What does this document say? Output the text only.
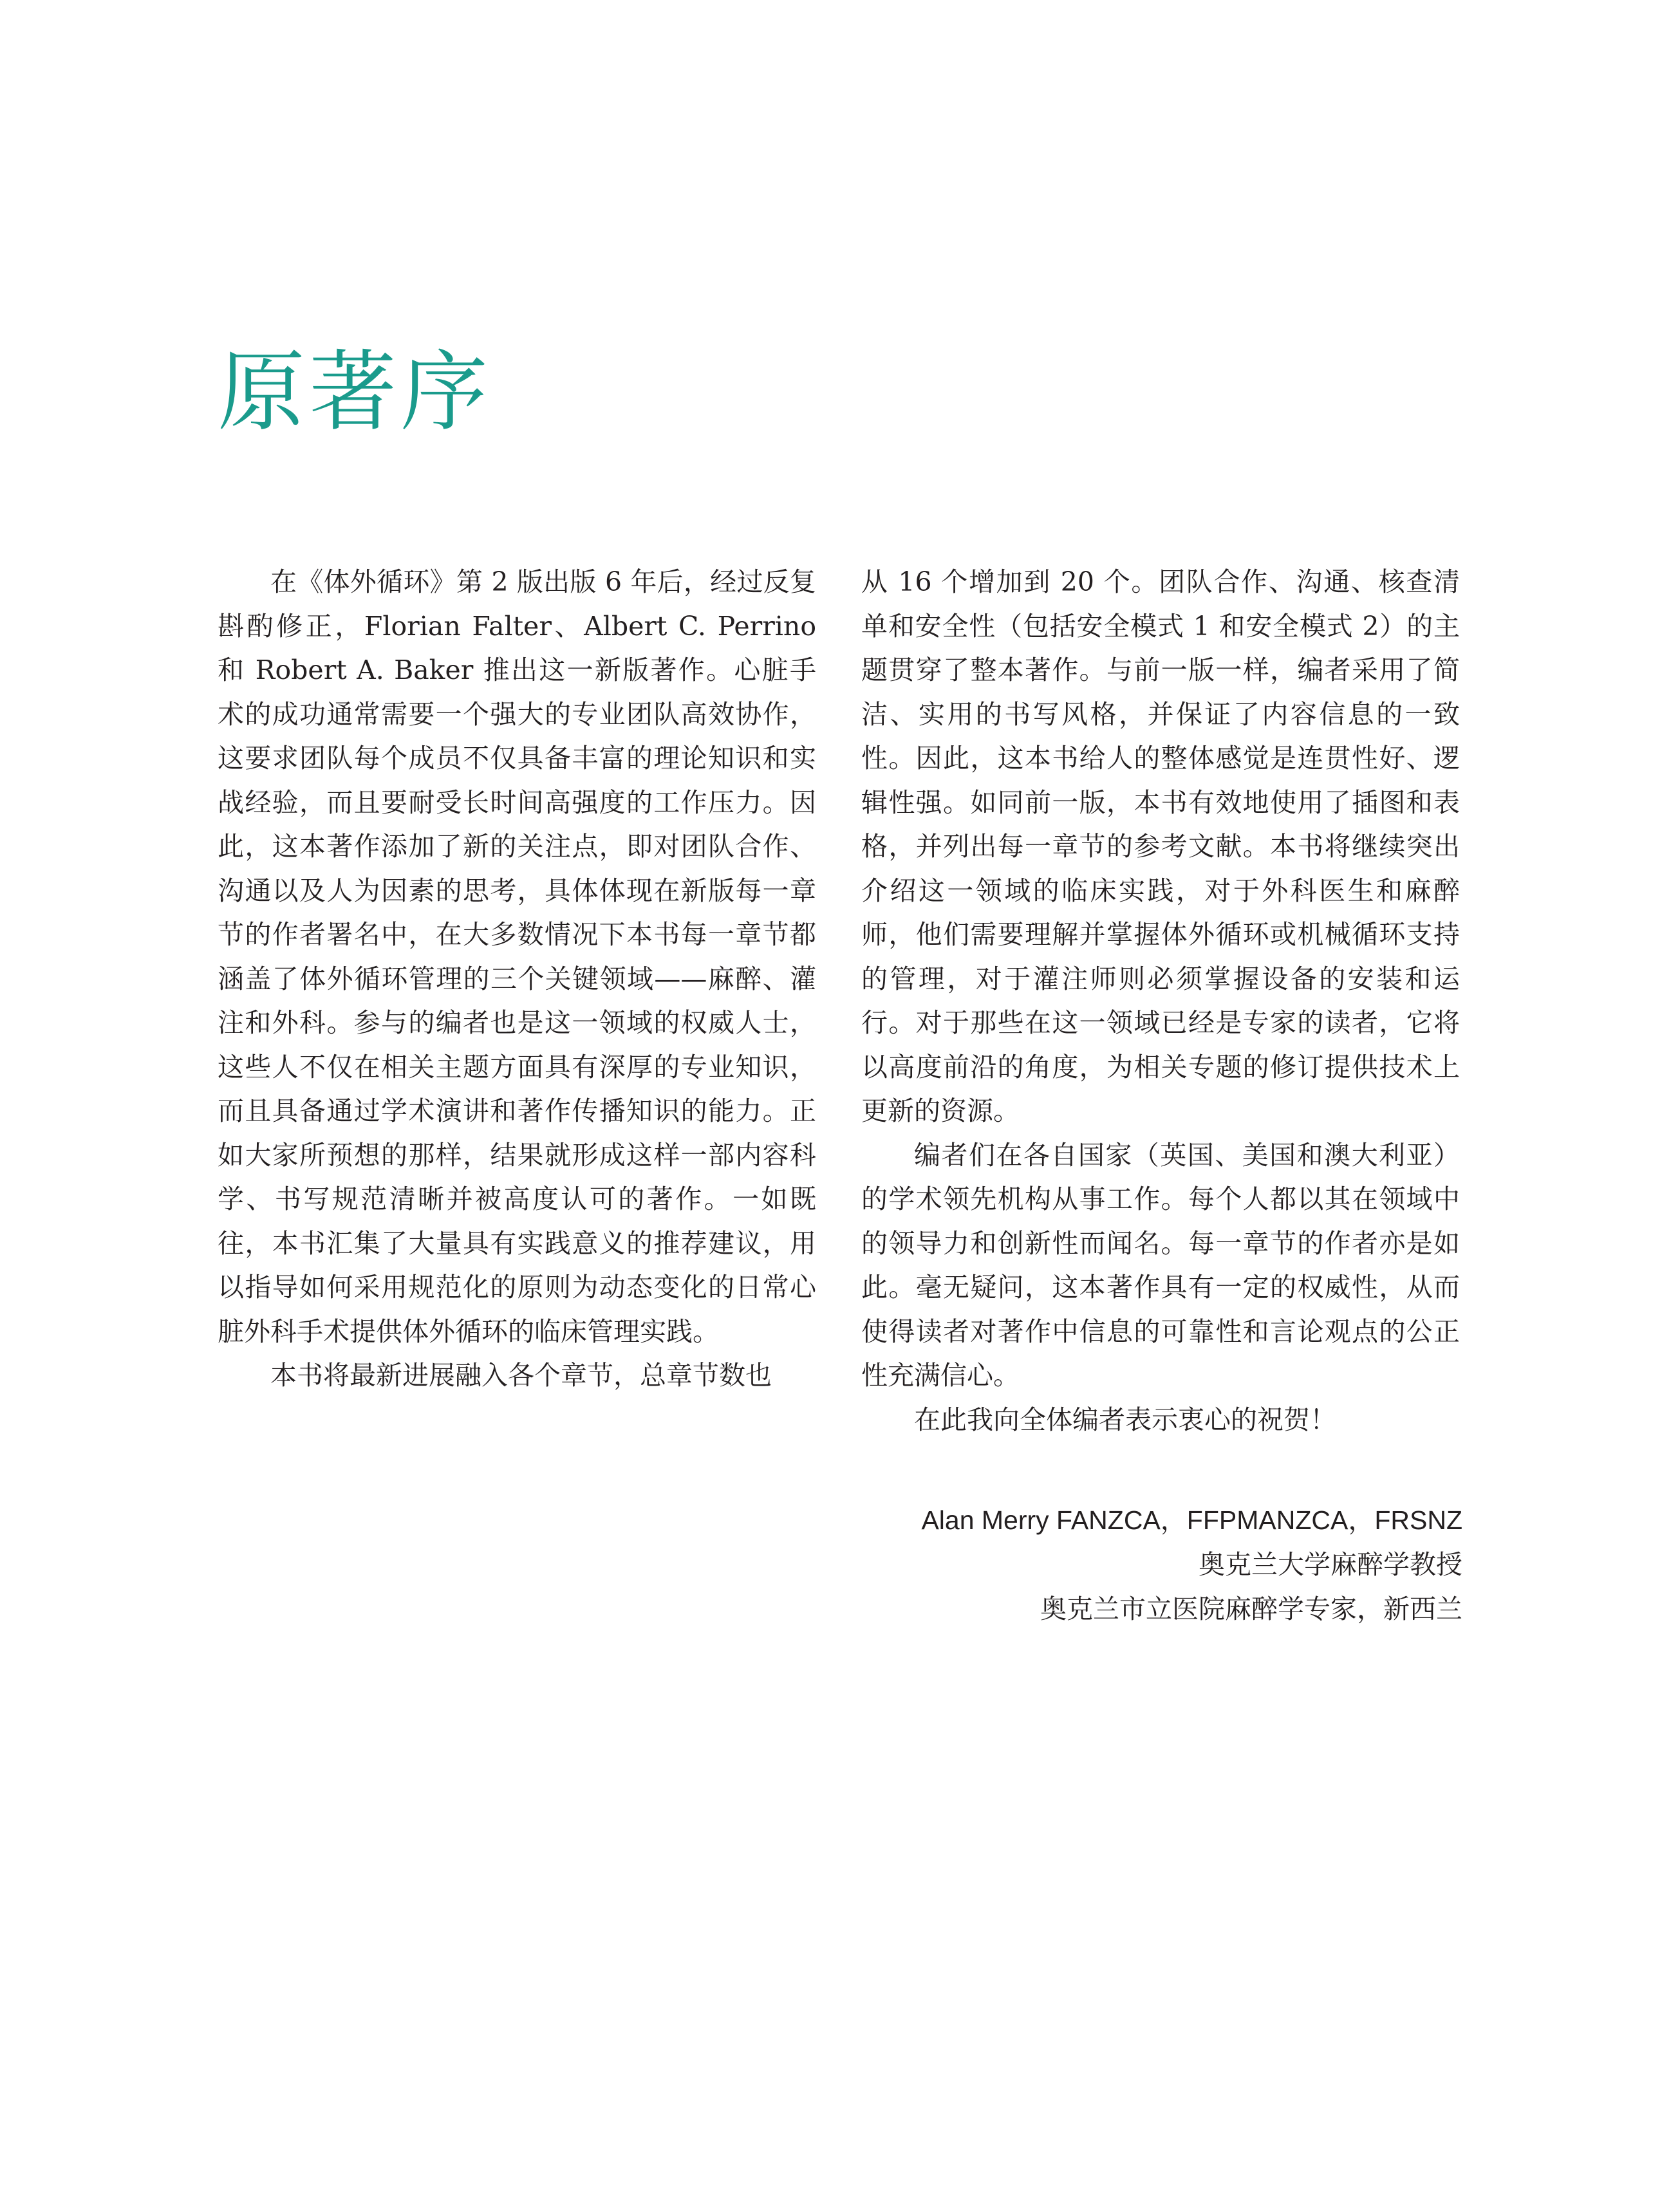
原著序

在《体外循环》第 2 版出版 6 年后，经过反复斟酌修正，Florian Falter、Albert C. Perrino 和 Robert A. Baker 推出这一新版著作。心脏手术的成功通常需要一个强大的专业团队高效协作，这要求团队每个成员不仅具备丰富的理论知识和实战经验，而且要耐受长时间高强度的工作压力。因此，这本著作添加了新的关注点，即对团队合作、沟通以及人为因素的思考，具体体现在新版每一章节的作者署名中，在大多数情况下本书每一章节都涵盖了体外循环管理的三个关键领域——麻醉、灌注和外科。参与的编者也是这一领域的权威人士，这些人不仅在相关主题方面具有深厚的专业知识，而且具备通过学术演讲和著作传播知识的能力。正如大家所预想的那样，结果就形成这样一部内容科学、书写规范清晰并被高度认可的著作。一如既往，本书汇集了大量具有实践意义的推荐建议，用以指导如何采用规范化的原则为动态变化的日常心脏外科手术提供体外循环的临床管理实践。

本书将最新进展融入各个章节，总章节数也

从 16 个增加到 20 个。团队合作、沟通、核查清单和安全性（包括安全模式 1 和安全模式 2）的主题贯穿了整本著作。与前一版一样，编者采用了简洁、实用的书写风格，并保证了内容信息的一致性。因此，这本书给人的整体感觉是连贯性好、逻辑性强。如同前一版，本书有效地使用了插图和表格，并列出每一章节的参考文献。本书将继续突出介绍这一领域的临床实践，对于外科医生和麻醉师，他们需要理解并掌握体外循环或机械循环支持的管理，对于灌注师则必须掌握设备的安装和运行。对于那些在这一领域已经是专家的读者，它将以高度前沿的角度，为相关专题的修订提供技术上更新的资源。

编者们在各自国家（英国、美国和澳大利亚）的学术领先机构从事工作。每个人都以其在领域中的领导力和创新性而闻名。每一章节的作者亦是如此。毫无疑问，这本著作具有一定的权威性，从而使得读者对著作中信息的可靠性和言论观点的公正性充满信心。

在此我向全体编者表示衷心的祝贺！

Alan Merry FANZCA，FFPMANZCA，FRSNZ
奥克兰大学麻醉学教授
奥克兰市立医院麻醉学专家，新西兰
